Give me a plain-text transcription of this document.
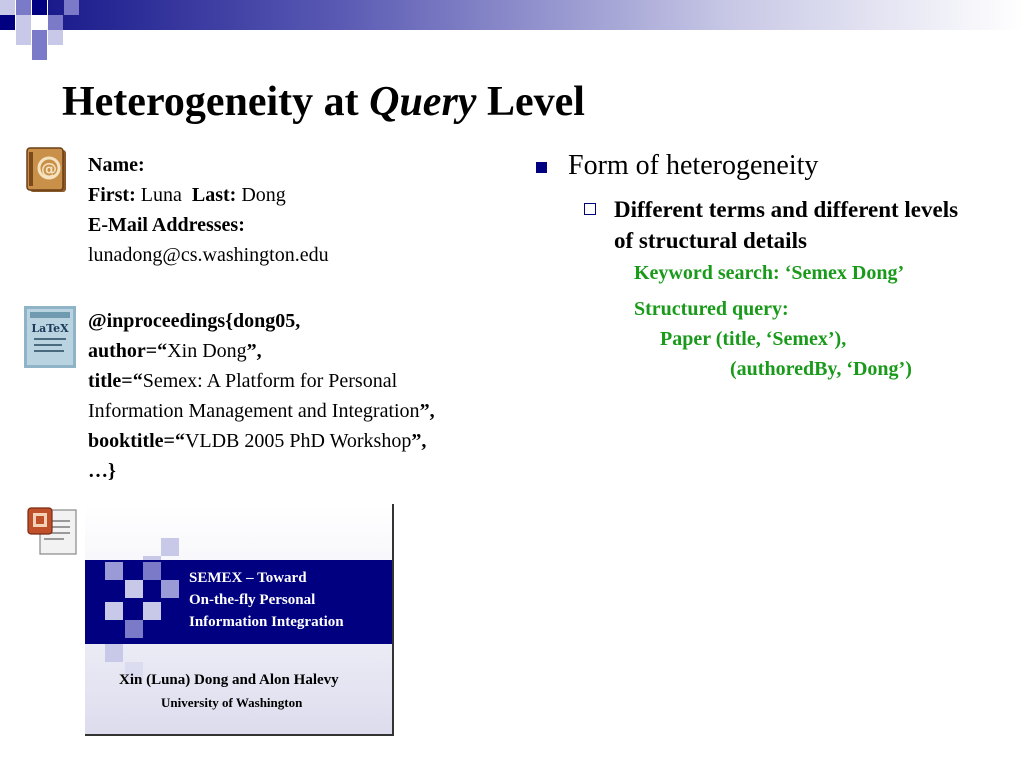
Heterogeneity at Query Level
@ Name:
First: Luna  Last: Dong
E-Mail Addresses:
lunadong@cs.washington.edu
LaTeX @inproceedings{dong05,
author=“Xin Dong”,
title=“Semex: A Platform for Personal
Information Management and Integration”,
booktitle=“VLDB 2005 PhD Workshop”,
…}
SEMEX – Toward
On-the-fly Personal
Information Integration
Xin (Luna) Dong and Alon Halevy
University of Washington
Form of heterogeneity
Different terms and different levels of structural details
Keyword search: ‘Semex Dong’
Structured query:
Paper (title, ‘Semex’),
(authoredBy, ‘Dong’)
